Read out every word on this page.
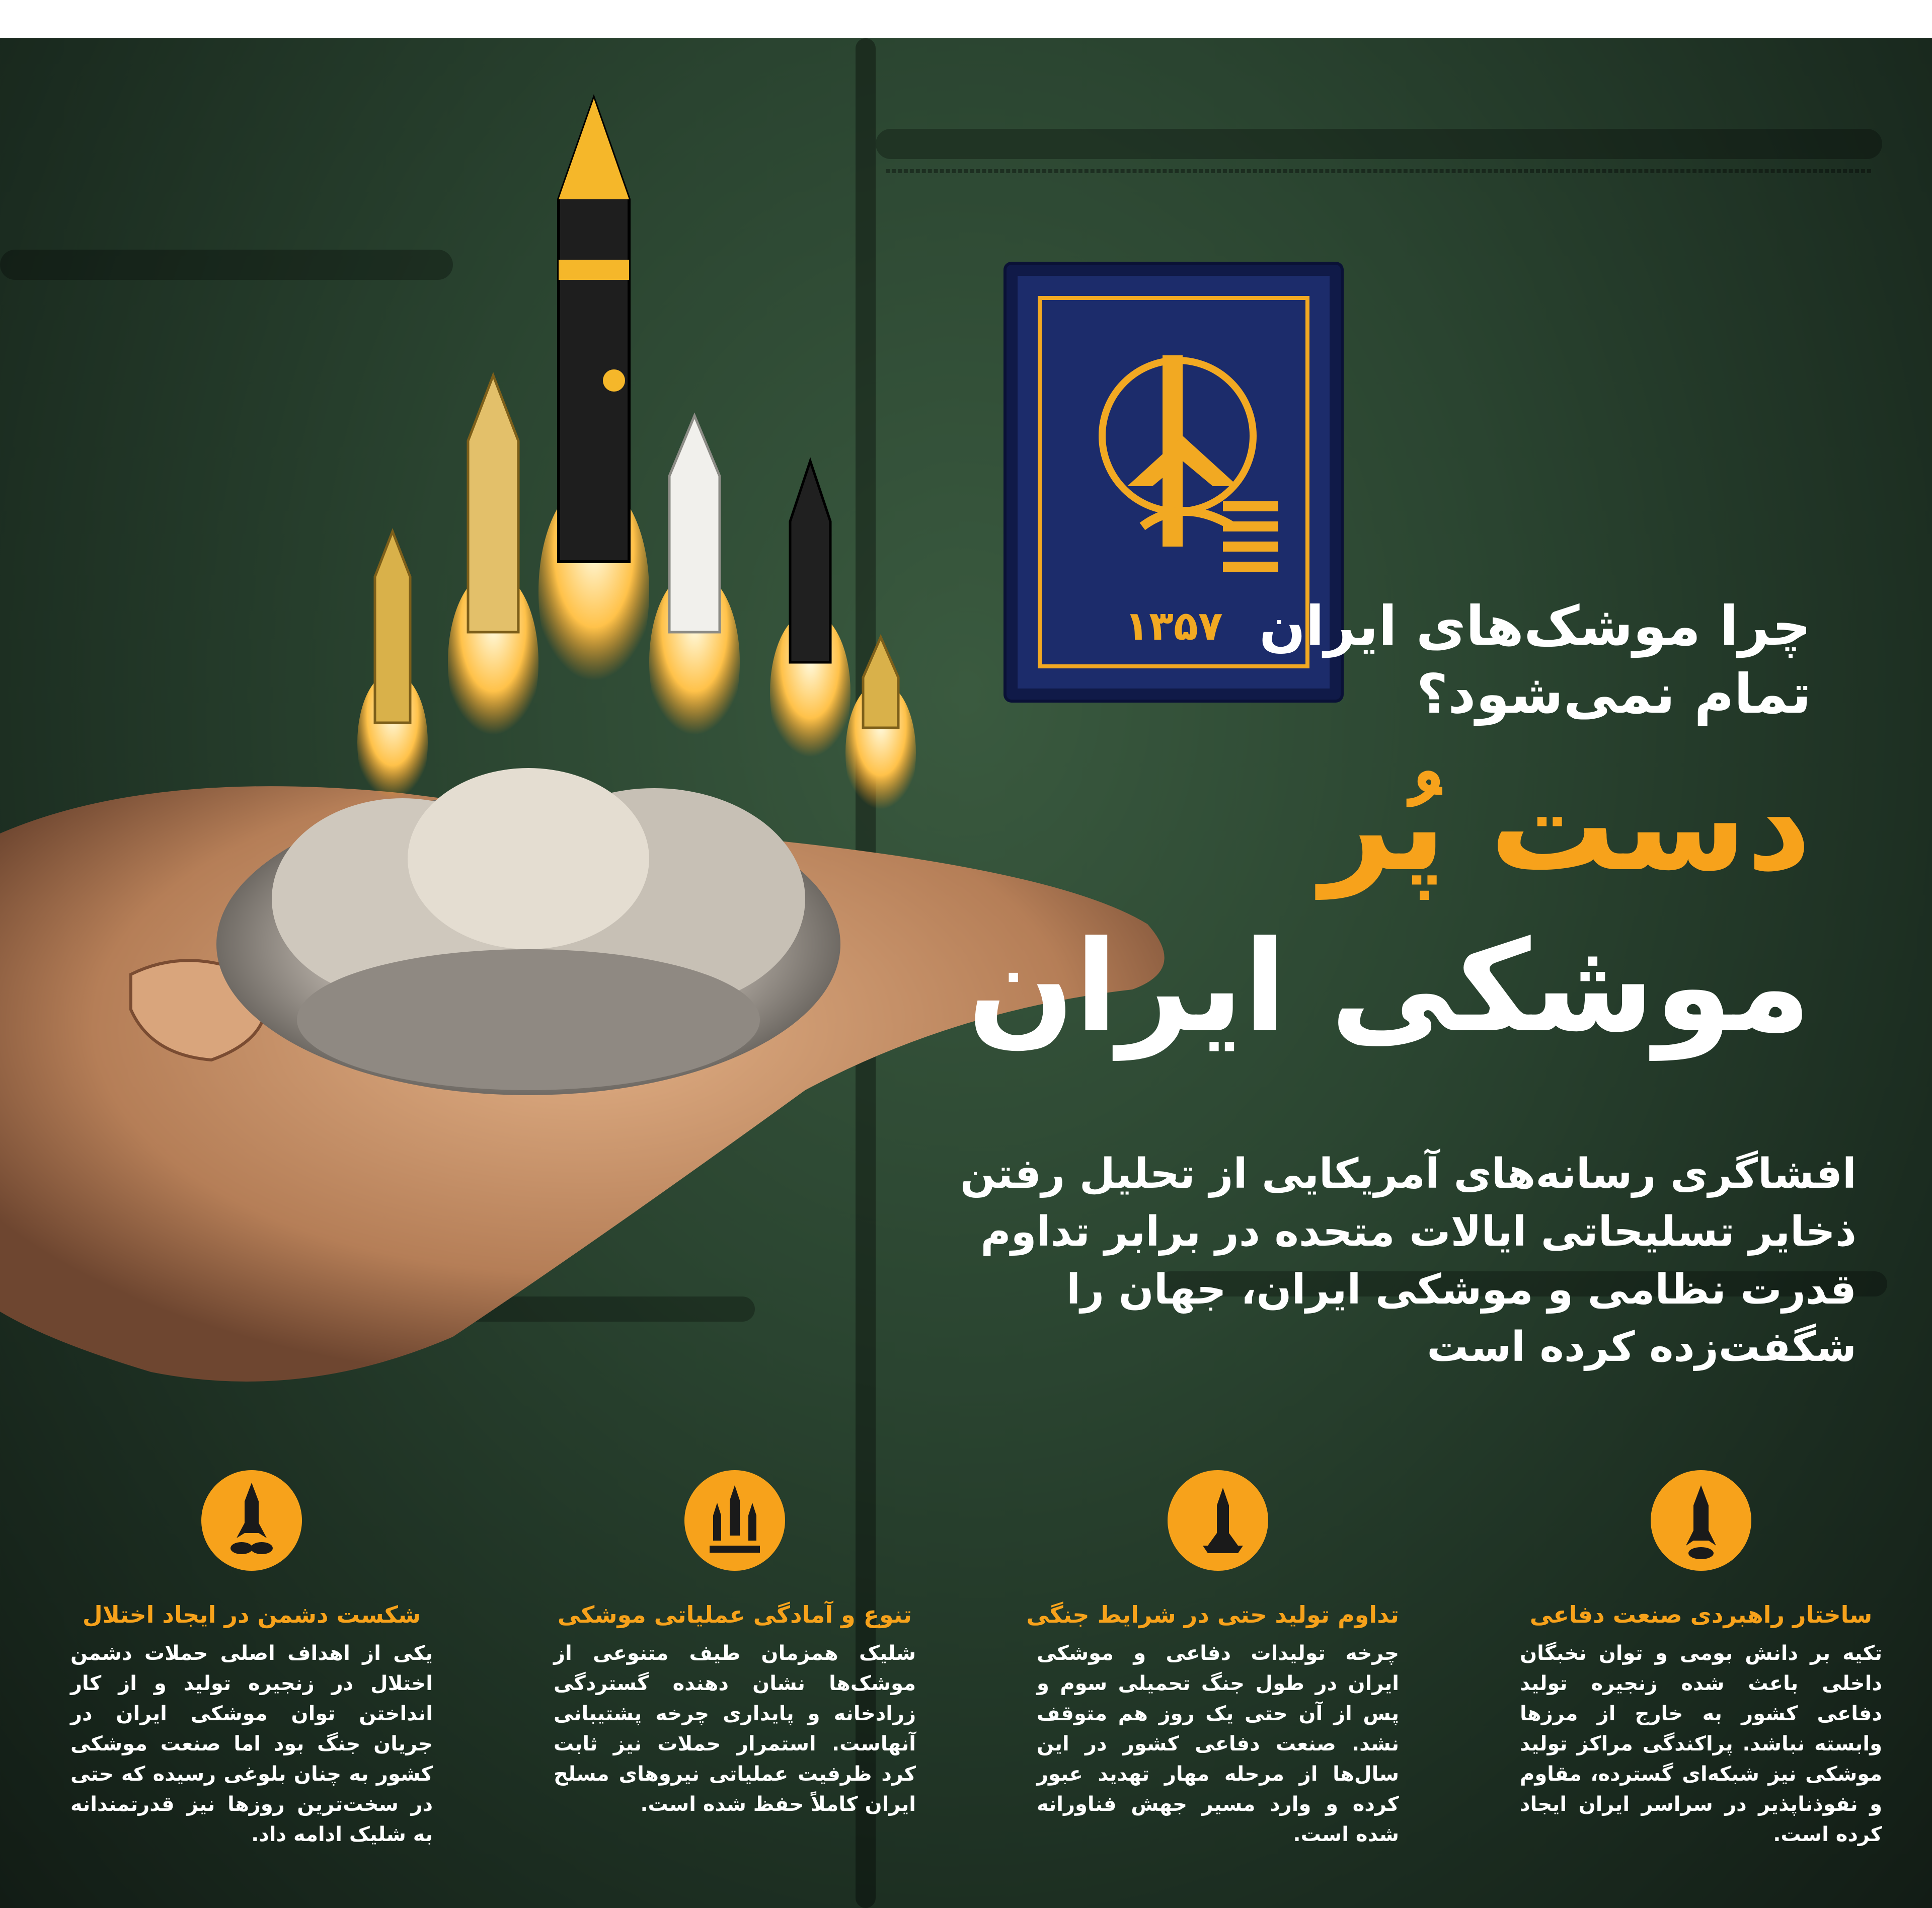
۱۳۵۷ چرا موشک‌های ایران
تمام نمی‌شود؟
دست پُر
موشکی ایران
افشاگری رسانه‌های آمریکایی از تحلیل رفتن ذخایر تسلیحاتی ایالات متحده در برابر تداوم قدرت نظامی و موشکی ایران، جهان را شگفت‌زده کرده است
ساختار راهبردی صنعت دفاعی
تکیه بر دانش بومی و توان نخبگان داخلی باعث شده زنجیره تولید دفاعی کشور به خارج از مرزها وابسته نباشد. پراکندگی مراکز تولید موشکی نیز شبکه‌ای گسترده، مقاوم و نفوذناپذیر در سراسر ایران ایجاد کرده است.
تداوم تولید حتی در شرایط جنگی
چرخه تولیدات دفاعی و موشکی ایران در طول جنگ تحمیلی سوم و پس از آن حتی یک روز هم متوقف نشد. صنعت دفاعی کشور در این سال‌ها از مرحله مهار تهدید عبور کرده و وارد مسیر جهش فناورانه شده است.
تنوع و آمادگی عملیاتی موشکی
شلیک همزمان طیف متنوعی از موشک‌ها نشان دهنده گستردگی زرادخانه و پایداری چرخه پشتیبانی آنهاست. استمرار حملات نیز ثابت کرد ظرفیت عملیاتی نیروهای مسلح ایران کاملاً حفظ شده است.
شکست دشمن در ایجاد اختلال
یکی از اهداف اصلی حملات دشمن اختلال در زنجیره تولید و از کار انداختن توان موشکی ایران در جریان جنگ بود اما صنعت موشکی کشور به چنان بلوغی رسیده که حتی در سخت‌ترین روزها نیز قدرتمندانه به شلیک ادامه داد.
